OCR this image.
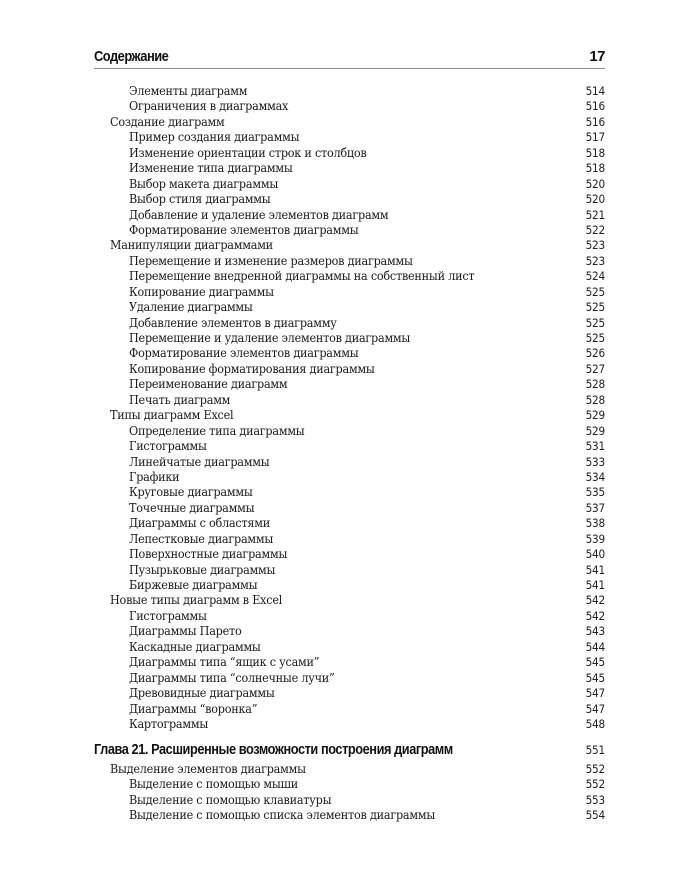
Содержание	17
Элементы диаграмм	514
Ограничения в диаграммах	516
Создание диаграмм	516
Пример создания диаграммы	517
Изменение ориентации строк и столбцов	518
Изменение типа диаграммы	518
Выбор макета диаграммы	520
Выбор стиля диаграммы	520
Добавление и удаление элементов диаграмм	521
Форматирование элементов диаграммы	522
Манипуляции диаграммами	523
Перемещение и изменение размеров диаграммы	523
Перемещение внедренной диаграммы на собственный лист	524
Копирование диаграммы	525
Удаление диаграммы	525
Добавление элементов в диаграмму	525
Перемещение и удаление элементов диаграммы	525
Форматирование элементов диаграммы	526
Копирование форматирования диаграммы	527
Переименование диаграмм	528
Печать диаграмм	528
Типы диаграмм Excel	529
Определение типа диаграммы	529
Гистограммы	531
Линейчатые диаграммы	533
Графики	534
Круговые диаграммы	535
Точечные диаграммы	537
Диаграммы с областями	538
Лепестковые диаграммы	539
Поверхностные диаграммы	540
Пузырьковые диаграммы	541
Биржевые диаграммы	541
Новые типы диаграмм в Excel	542
Гистограммы	542
Диаграммы Парето	543
Каскадные диаграммы	544
Диаграммы типа “ящик с усами”	545
Диаграммы типа “солнечные лучи”	545
Древовидные диаграммы	547
Диаграммы “воронка”	547
Картограммы	548
Глава 21. Расширенные возможности построения диаграмм	551
Выделение элементов диаграммы	552
Выделение с помощью мыши	552
Выделение с помощью клавиатуры	553
Выделение с помощью списка элементов диаграммы	554
